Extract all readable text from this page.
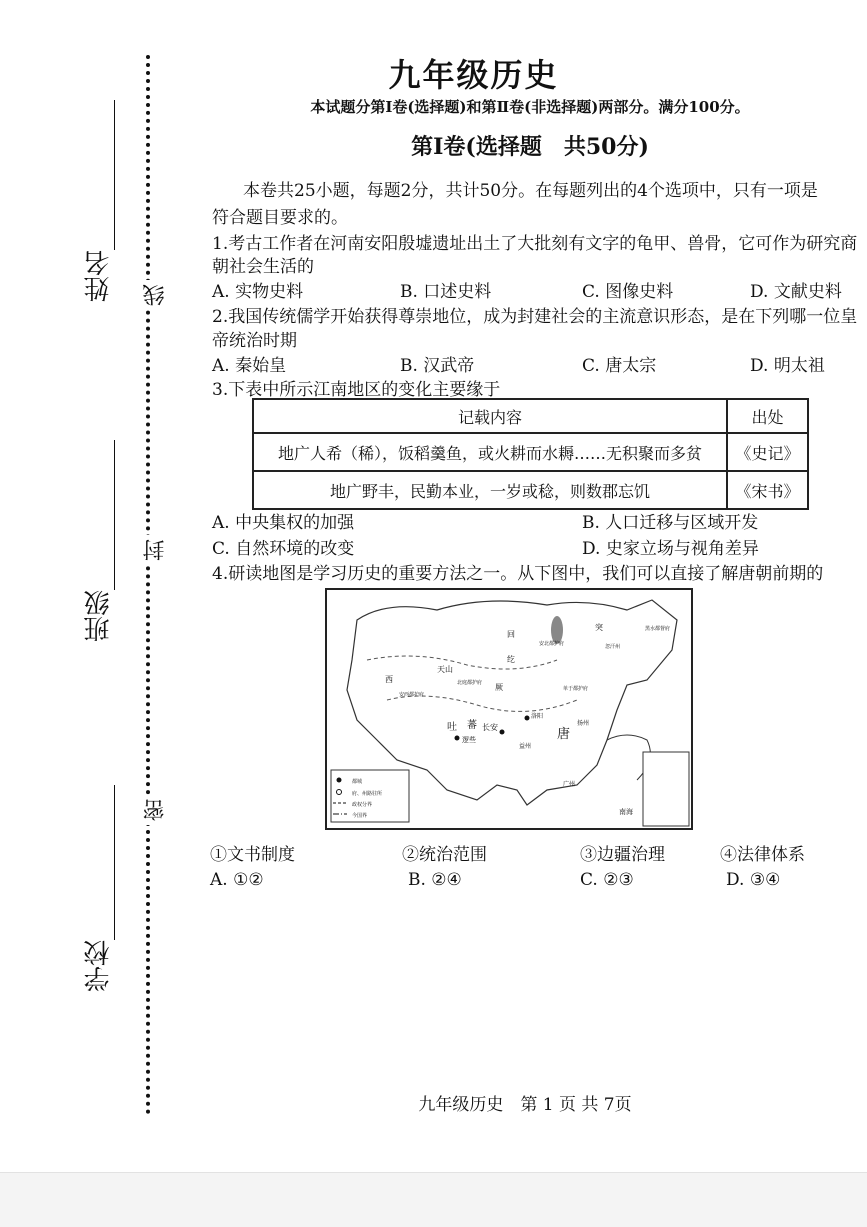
线
封
密
姓名
班级
学校
九年级历史
本试题分第Ⅰ卷(选择题)和第Ⅱ卷(非选择题)两部分。满分100分。
第Ⅰ卷(选择题　共50分)
本卷共25小题，每题2分，共计50分。在每题列出的4个选项中，只有一项是
符合题目要求的。
1.考古工作者在河南安阳殷墟遗址出土了大批刻有文字的龟甲、兽骨，它可作为研究商
朝社会生活的
A. 实物史料	B. 口述史料	C. 图像史料	D. 文献史料
2.我国传统儒学开始获得尊崇地位，成为封建社会的主流意识形态，是在下列哪一位皇
帝统治时期
A. 秦始皇	B. 汉武帝	C. 唐太宗	D. 明太祖
3.下表中所示江南地区的变化主要缘于
记载内容	出处
地广人希（稀），饭稻羹鱼，或火耕而水耨……无积聚而多贫	《史记》
地广野丰，民勤本业，一岁或稔，则数郡忘饥	《宋书》
A. 中央集权的加强	B. 人口迁移与区域开发
C. 自然环境的改变	D. 史家立场与视角差异
4.研读地图是学习历史的重要方法之一。从下图中，我们可以直接了解唐朝前期的
回
纥
突
厥
西
天山
安西都护府
北庭都护府
吐 蕃
逻些
长安	唐
安北都护府
单于都护府
忽汗州
黑水都督府
洛阳
扬州
益州
广州
南海
都城
府、州路驻所
政权分界
今国界
①文书制度	②统治范围	③边疆治理	④法律体系
A. ①②	B. ②④	C. ②③	D. ③④
九年级历史　第 1 页 共 7页
